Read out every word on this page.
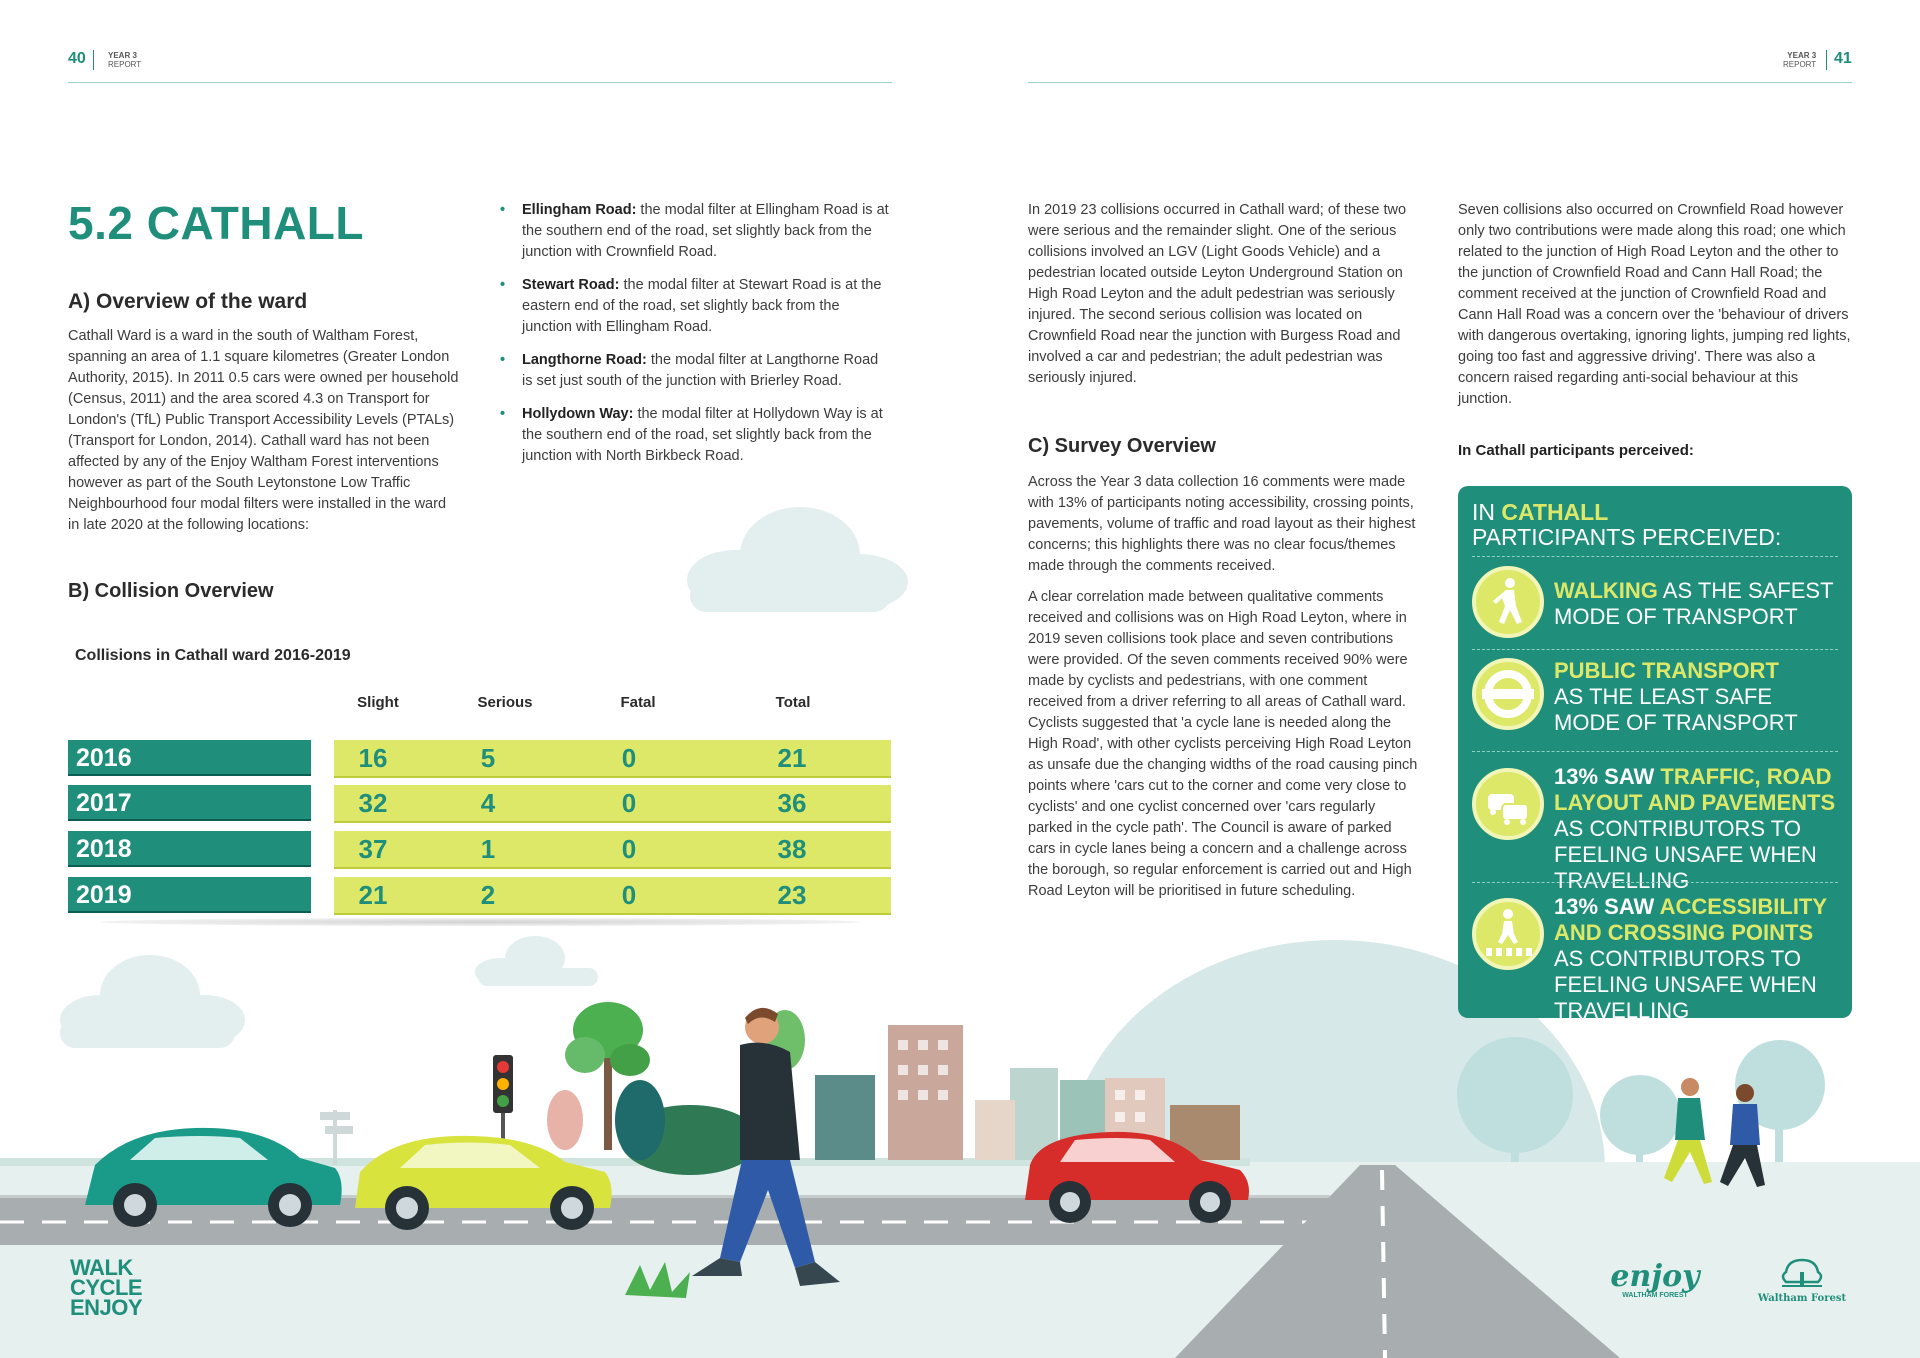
40	YEAR 3
REPORT
YEAR 3
REPORT 41
5.2 CATHALL
A) Overview of the ward
Cathall Ward is a ward in the south of Waltham Forest, spanning an area of 1.1 square kilometres (Greater London Authority, 2015). In 2011 0.5 cars were owned per household (Census, 2011) and the area scored 4.3 on Transport for London's (TfL) Public Transport Accessibility Levels (PTALs) (Transport for London, 2014). Cathall ward has not been affected by any of the Enjoy Waltham Forest interventions however as part of the South Leytonstone Low Traffic Neighbourhood four modal filters were installed in the ward in late 2020 at the following locations:
• Ellingham Road: the modal filter at Ellingham Road is at the southern end of the road, set slightly back from the junction with Crownfield Road.
• Stewart Road: the modal filter at Stewart Road is at the eastern end of the road, set slightly back from the junction with Ellingham Road.
• Langthorne Road: the modal filter at Langthorne Road is set just south of the junction with Brierley Road.
• Hollydown Way: the modal filter at Hollydown Way is at the southern end of the road, set slightly back from the junction with North Birkbeck Road.
B) Collision Overview
Collisions in Cathall ward 2016-2019
Slight	Serious	Fatal	Total
2016	16	5	0	21
2017	32	4	0	36
2018	37	1	0	38
2019	21	2	0	23
In 2019 23 collisions occurred in Cathall ward; of these two were serious and the remainder slight. One of the serious collisions involved an LGV (Light Goods Vehicle) and a pedestrian located outside Leyton Underground Station on High Road Leyton and the adult pedestrian was seriously injured. The second serious collision was located on Crownfield Road near the junction with Burgess Road and involved a car and pedestrian; the adult pedestrian was seriously injured.
C) Survey Overview

Across the Year 3 data collection 16 comments were made with 13% of participants noting accessibility, crossing points, pavements, volume of traffic and road layout as their highest concerns; this highlights there was no clear focus/themes made through the comments received.

A clear correlation made between qualitative comments received and collisions was on High Road Leyton, where in 2019 seven collisions took place and seven contributions were provided. Of the seven comments received 90% were made by cyclists and pedestrians, with one comment received from a driver referring to all areas of Cathall ward. Cyclists suggested that 'a cycle lane is needed along the High Road', with other cyclists perceiving High Road Leyton as unsafe due the changing widths of the road causing pinch points where 'cars cut to the corner and come very close to cyclists' and one cyclist concerned over 'cars regularly parked in the cycle path'. The Council is aware of parked cars in cycle lanes being a concern and a challenge across the borough, so regular enforcement is carried out and High Road Leyton will be prioritised in future scheduling.

Seven collisions also occurred on Crownfield Road however only two contributions were made along this road; one which related to the junction of High Road Leyton and the other to the junction of Crownfield Road and Cann Hall Road; the comment received at the junction of Crownfield Road and Cann Hall Road was a concern over the 'behaviour of drivers with dangerous overtaking, ignoring lights, jumping red lights, going too fast and aggressive driving'. There was also a concern raised regarding anti-social behaviour at this junction.
In Cathall participants perceived:
IN CATHALL
PARTICIPANTS PERCEIVED:
WALKING AS THE SAFEST MODE OF TRANSPORT
PUBLIC TRANSPORT
AS THE LEAST SAFE MODE OF TRANSPORT
13% SAW TRAFFIC, ROAD LAYOUT AND PAVEMENTS AS CONTRIBUTORS TO FEELING UNSAFE WHEN TRAVELLING
13% SAW ACCESSIBILITY AND CROSSING POINTS AS CONTRIBUTORS TO FEELING UNSAFE WHEN TRAVELLING
WALK
CYCLE
ENJOY
enjoy
WALTHAM FOREST	Waltham Forest
